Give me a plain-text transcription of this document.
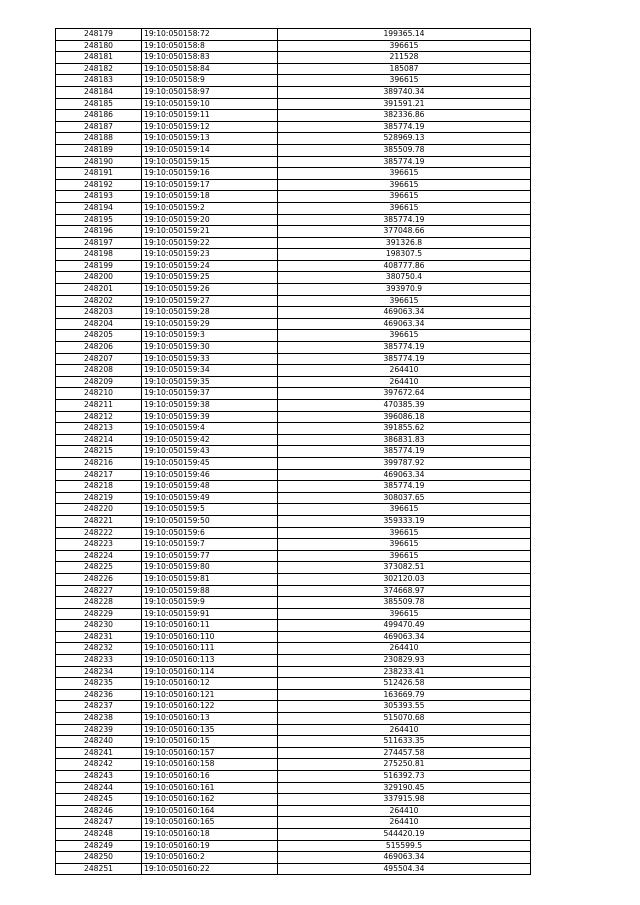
248179	19:10:050158:72	199365.14
248180	19:10:050158:8	396615
248181	19:10:050158:83	211528
248182	19:10:050158:84	185087
248183	19:10:050158:9	396615
248184	19:10:050158:97	389740.34
248185	19:10:050159:10	391591.21
248186	19:10:050159:11	382336.86
248187	19:10:050159:12	385774.19
248188	19:10:050159:13	528969.13
248189	19:10:050159:14	385509.78
248190	19:10:050159:15	385774.19
248191	19:10:050159:16	396615
248192	19:10:050159:17	396615
248193	19:10:050159:18	396615
248194	19:10:050159:2	396615
248195	19:10:050159:20	385774.19
248196	19:10:050159:21	377048.66
248197	19:10:050159:22	391326.8
248198	19:10:050159:23	198307.5
248199	19:10:050159:24	408777.86
248200	19:10:050159:25	380750.4
248201	19:10:050159:26	393970.9
248202	19:10:050159:27	396615
248203	19:10:050159:28	469063.34
248204	19:10:050159:29	469063.34
248205	19:10:050159:3	396615
248206	19:10:050159:30	385774.19
248207	19:10:050159:33	385774.19
248208	19:10:050159:34	264410
248209	19:10:050159:35	264410
248210	19:10:050159:37	397672.64
248211	19:10:050159:38	470385.39
248212	19:10:050159:39	396086.18
248213	19:10:050159:4	391855.62
248214	19:10:050159:42	386831.83
248215	19:10:050159:43	385774.19
248216	19:10:050159:45	399787.92
248217	19:10:050159:46	469063.34
248218	19:10:050159:48	385774.19
248219	19:10:050159:49	308037.65
248220	19:10:050159:5	396615
248221	19:10:050159:50	359333.19
248222	19:10:050159:6	396615
248223	19:10:050159:7	396615
248224	19:10:050159:77	396615
248225	19:10:050159:80	373082.51
248226	19:10:050159:81	302120.03
248227	19:10:050159:88	374668.97
248228	19:10:050159:9	385509.78
248229	19:10:050159:91	396615
248230	19:10:050160:11	499470.49
248231	19:10:050160:110	469063.34
248232	19:10:050160:111	264410
248233	19:10:050160:113	230829.93
248234	19:10:050160:114	238233.41
248235	19:10:050160:12	512426.58
248236	19:10:050160:121	163669.79
248237	19:10:050160:122	305393.55
248238	19:10:050160:13	515070.68
248239	19:10:050160:135	264410
248240	19:10:050160:15	511633.35
248241	19:10:050160:157	274457.58
248242	19:10:050160:158	275250.81
248243	19:10:050160:16	516392.73
248244	19:10:050160:161	329190.45
248245	19:10:050160:162	337915.98
248246	19:10:050160:164	264410
248247	19:10:050160:165	264410
248248	19:10:050160:18	544420.19
248249	19:10:050160:19	515599.5
248250	19:10:050160:2	469063.34
248251	19:10:050160:22	495504.34
